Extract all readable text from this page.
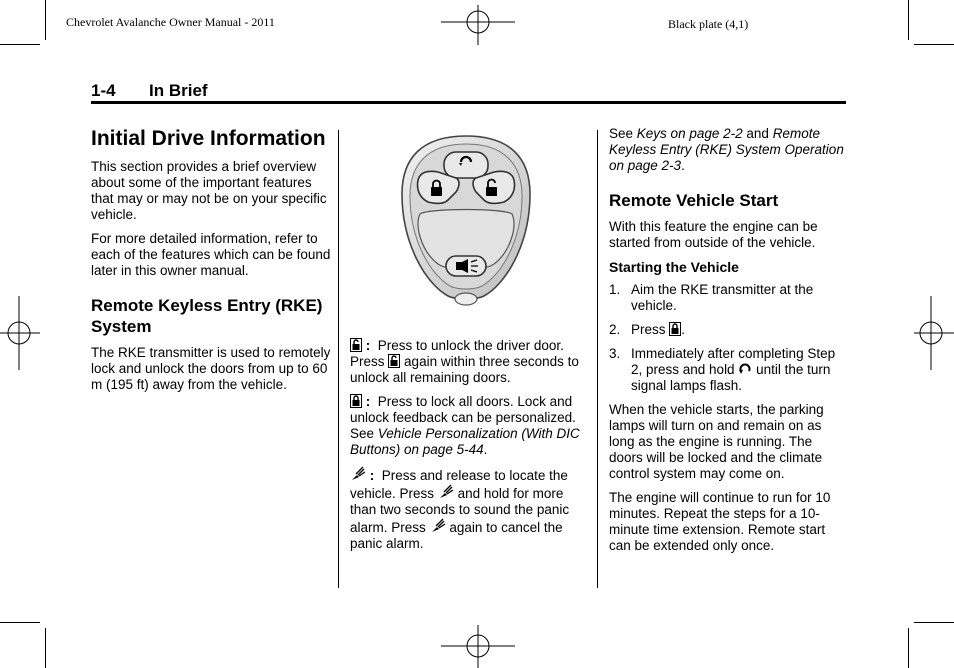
Chevrolet Avalanche Owner Manual - 2011	Black plate (4,1)
1-4 In Brief
Initial Drive Information

This section provides a brief overview about some of the important features that may or may not be on your specific vehicle.

For more detailed information, refer to each of the features which can be found later in this owner manual.

Remote Keyless Entry (RKE) System

The RKE transmitter is used to remotely lock and unlock the doors from up to 60 m (195 ft) away from the vehicle.

: Press to unlock the driver door. Press again within three seconds to unlock all remaining doors.

: Press to lock all doors. Lock and unlock feedback can be personalized. See Vehicle Personalization (With DIC Buttons) on page 5-44.

: Press and release to locate the vehicle. Press and hold for more than two seconds to sound the panic alarm. Press again to cancel the panic alarm.

See Keys on page 2-2 and Remote Keyless Entry (RKE) System Operation on page 2-3.

Remote Vehicle Start

With this feature the engine can be started from outside of the vehicle.

Starting the Vehicle
1. Aim the RKE transmitter at the vehicle.
2. Press .
3. Immediately after completing Step 2, press and hold until the turn signal lamps flash.

When the vehicle starts, the parking lamps will turn on and remain on as long as the engine is running. The doors will be locked and the climate control system may come on.

The engine will continue to run for 10 minutes. Repeat the steps for a 10-minute time extension. Remote start can be extended only once.
